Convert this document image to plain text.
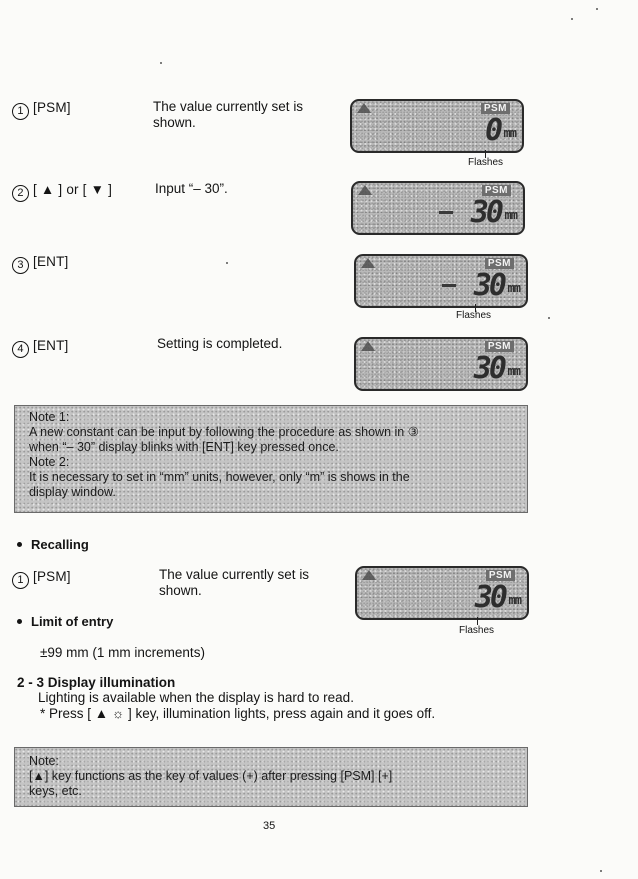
1 [PSM]	The value currently set is
shown.
PSM
0 mm
Flashes
2 [ ▲ ] or [ ▼ ]	Input “– 30”.	PSM
30 mm
3 [ENT]	PSM
30 mm
Flashes
4 [ENT]	Setting is completed.	PSM
30 mm
Note 1:
A new constant can be input by following the procedure as shown in ③
when “– 30” display blinks with [ENT] key pressed once.
Note 2:
It is necessary to set in “mm” units, however, only “m” is shows in the
display window.
Recalling
1 [PSM]	The value currently set is
shown.
PSM
30 mm
Flashes
Limit of entry
±99 mm (1 mm increments)
2 - 3 Display illumination
Lighting is available when the display is hard to read.
* Press [ ▲ ☼ ] key, illumination lights, press again and it goes off.
Note:
[▲] key functions as the key of values (+) after pressing [PSM] [+]
keys, etc.
35
